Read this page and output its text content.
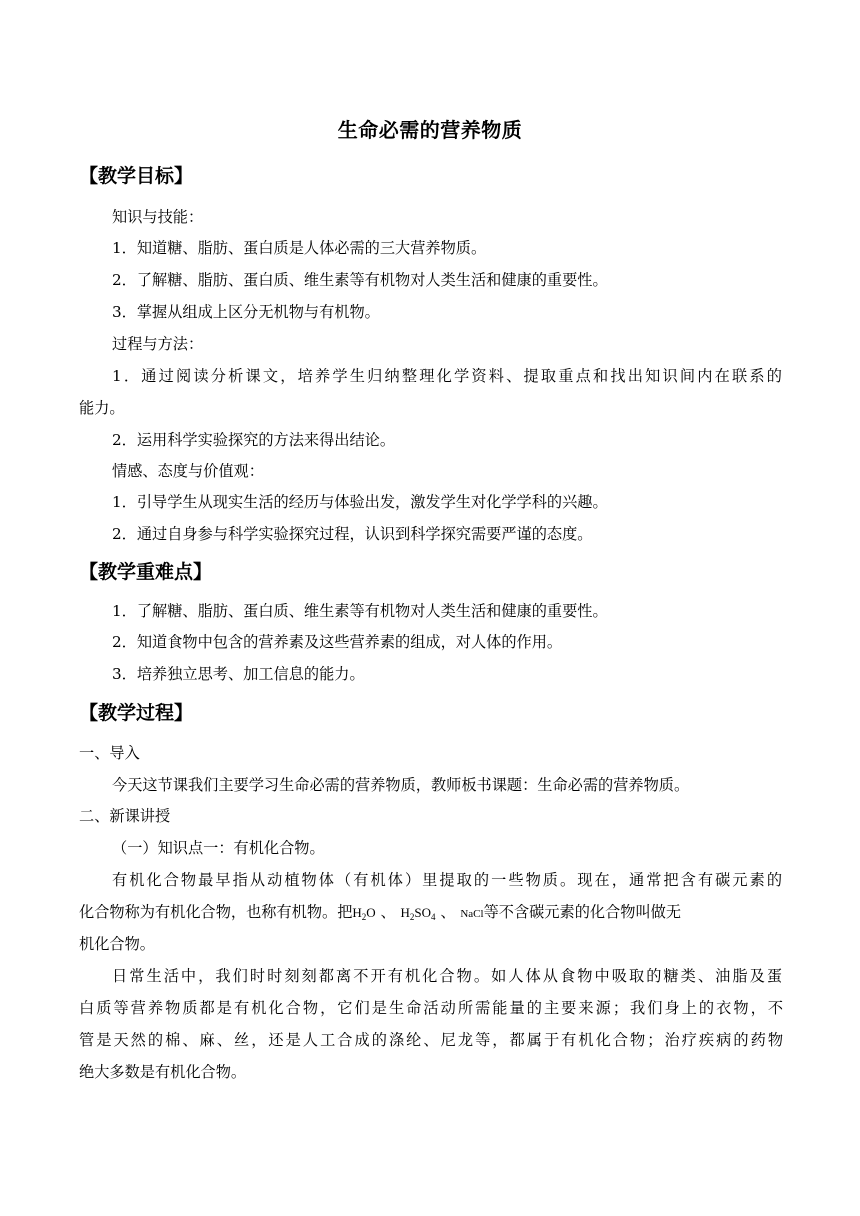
生命必需的营养物质
【教学目标】
知识与技能：
1．知道糖、脂肪、蛋白质是人体必需的三大营养物质。
2．了解糖、脂肪、蛋白质、维生素等有机物对人类生活和健康的重要性。
3．掌握从组成上区分无机物与有机物。
过程与方法：
1．通过阅读分析课文，培养学生归纳整理化学资料、提取重点和找出知识间内在联系的
能力。
2．运用科学实验探究的方法来得出结论。
情感、态度与价值观：
1．引导学生从现实生活的经历与体验出发，激发学生对化学学科的兴趣。
2．通过自身参与科学实验探究过程，认识到科学探究需要严谨的态度。
【教学重难点】
1．了解糖、脂肪、蛋白质、维生素等有机物对人类生活和健康的重要性。
2．知道食物中包含的营养素及这些营养素的组成，对人体的作用。
3．培养独立思考、加工信息的能力。
【教学过程】
一、导入
今天这节课我们主要学习生命必需的营养物质，教师板书课题：生命必需的营养物质。
二、新课讲授
（一）知识点一：有机化合物。
有机化合物最早指从动植物体（有机体）里提取的一些物质。现在，通常把含有碳元素的
化合物称为有机化合物，也称有机物。把$H_2O$ 、 $H_2SO_4$ 、 NaCl等不含碳元素的化合物叫做无
机化合物。
日常生活中，我们时时刻刻都离不开有机化合物。如人体从食物中吸取的糖类、油脂及蛋
白质等营养物质都是有机化合物，它们是生命活动所需能量的主要来源；我们身上的衣物，不
管是天然的棉、麻、丝，还是人工合成的涤纶、尼龙等，都属于有机化合物；治疗疾病的药物
绝大多数是有机化合物。
